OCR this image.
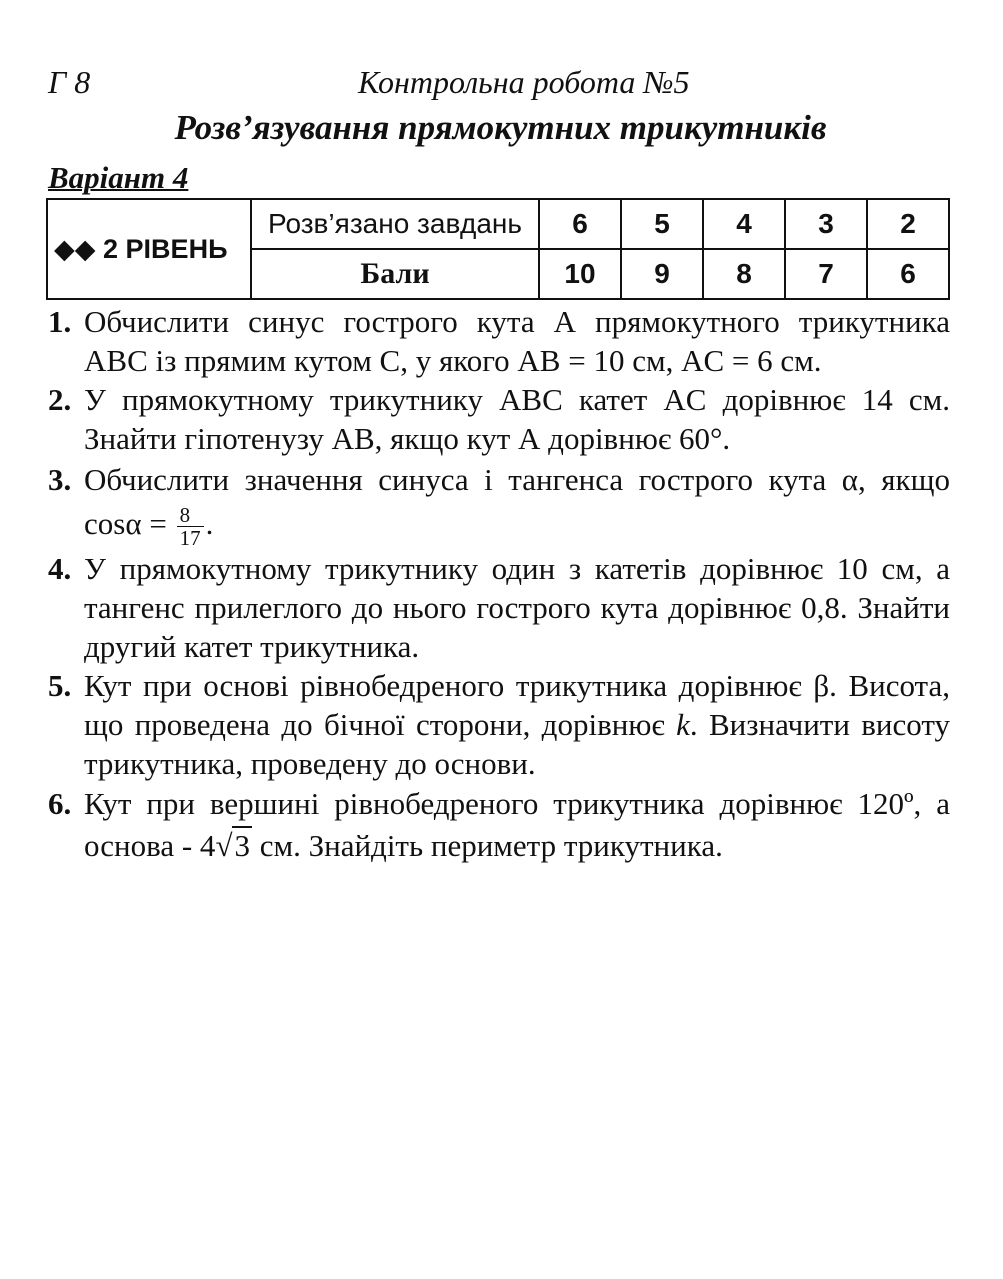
Г 8	Контрольна робота №5
Розв’язування прямокутних трикутників
Варіант 4
◆◆ 2 РІВЕНЬ	Розв’язано завдань	6	5	4	3	2
	Бали	10	9	8	7	6
1. Обчислити синус гострого кута А прямокутного трикутника ABC із прямим кутом C, у якого AB = 10 см, AC = 6 см.

2. У прямокутному трикутнику ABC катет AC дорівнює 14 см. Знайти гіпотенузу AB, якщо кут А дорівнює 60°.

3. Обчислити значення синуса і тангенса гострого кута α, якщо $\cos\alpha = \frac{8}{17}$ .

4. У прямокутному трикутнику один з катетів дорівнює 10 см, а тангенс прилеглого до нього гострого кута дорівнює 0,8. Знайти другий катет трикутника.

5. Кут при основі рівнобедреного трикутника дорівнює β. Висота, що проведена до бічної сторони, дорівнює k. Визначити висоту трикутника, проведену до основи.

6. Кут при вершині рівнобедреного трикутника дорівнює 120º, а основа - 4√3 см. Знайдіть периметр трикутника.
